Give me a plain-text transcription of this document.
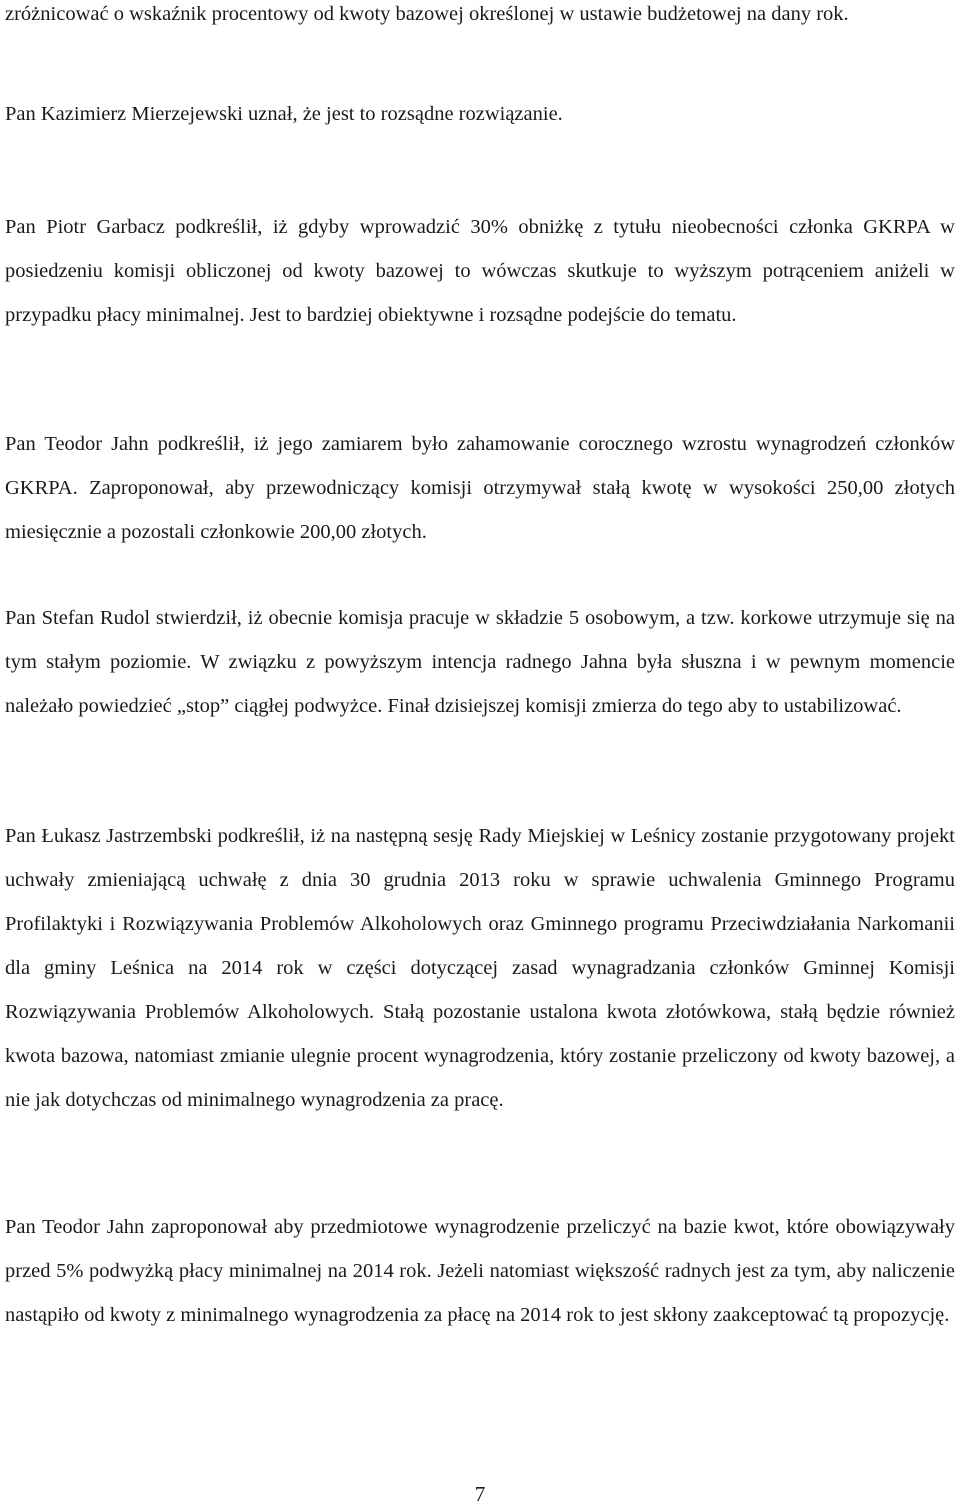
zróżnicować o wskaźnik procentowy od kwoty bazowej określonej w ustawie budżetowej na dany rok.

Pan Kazimierz Mierzejewski uznał, że jest to rozsądne rozwiązanie.

Pan Piotr Garbacz podkreślił, iż gdyby wprowadzić 30% obniżkę z tytułu nieobecności członka GKRPA w posiedzeniu komisji obliczonej od kwoty bazowej to wówczas skutkuje to wyższym potrąceniem aniżeli w przypadku płacy minimalnej. Jest to bardziej obiektywne i rozsądne podejście do tematu.

Pan Teodor Jahn podkreślił, iż jego zamiarem było zahamowanie corocznego wzrostu wynagrodzeń członków GKRPA. Zaproponował, aby przewodniczący komisji otrzymywał stałą kwotę w wysokości 250,00 złotych miesięcznie a pozostali członkowie 200,00 złotych.

Pan Stefan Rudol stwierdził, iż obecnie komisja pracuje w składzie 5 osobowym, a tzw. korkowe utrzymuje się na tym stałym poziomie. W związku z powyższym intencja radnego Jahna była słuszna i w pewnym momencie należało powiedzieć „stop” ciągłej podwyżce. Finał dzisiejszej komisji zmierza do tego aby to ustabilizować.

Pan Łukasz Jastrzembski podkreślił, iż na następną sesję Rady Miejskiej w Leśnicy zostanie przygotowany projekt uchwały zmieniającą uchwałę z dnia 30 grudnia 2013 roku w sprawie uchwalenia Gminnego Programu Profilaktyki i Rozwiązywania Problemów Alkoholowych oraz Gminnego programu Przeciwdziałania Narkomanii dla gminy Leśnica na 2014 rok w części dotyczącej zasad wynagradzania członków Gminnej Komisji Rozwiązywania Problemów Alkoholowych. Stałą pozostanie ustalona kwota złotówkowa, stałą będzie również kwota bazowa, natomiast zmianie ulegnie procent wynagrodzenia, który zostanie przeliczony od kwoty bazowej, a nie jak dotychczas od minimalnego wynagrodzenia za pracę.

Pan Teodor Jahn zaproponował aby przedmiotowe wynagrodzenie przeliczyć na bazie kwot, które obowiązywały przed 5% podwyżką płacy minimalnej na 2014 rok. Jeżeli natomiast większość radnych jest za tym, aby naliczenie nastąpiło od kwoty z minimalnego wynagrodzenia za płacę na 2014 rok to jest skłony zaakceptować tą propozycję.

7
